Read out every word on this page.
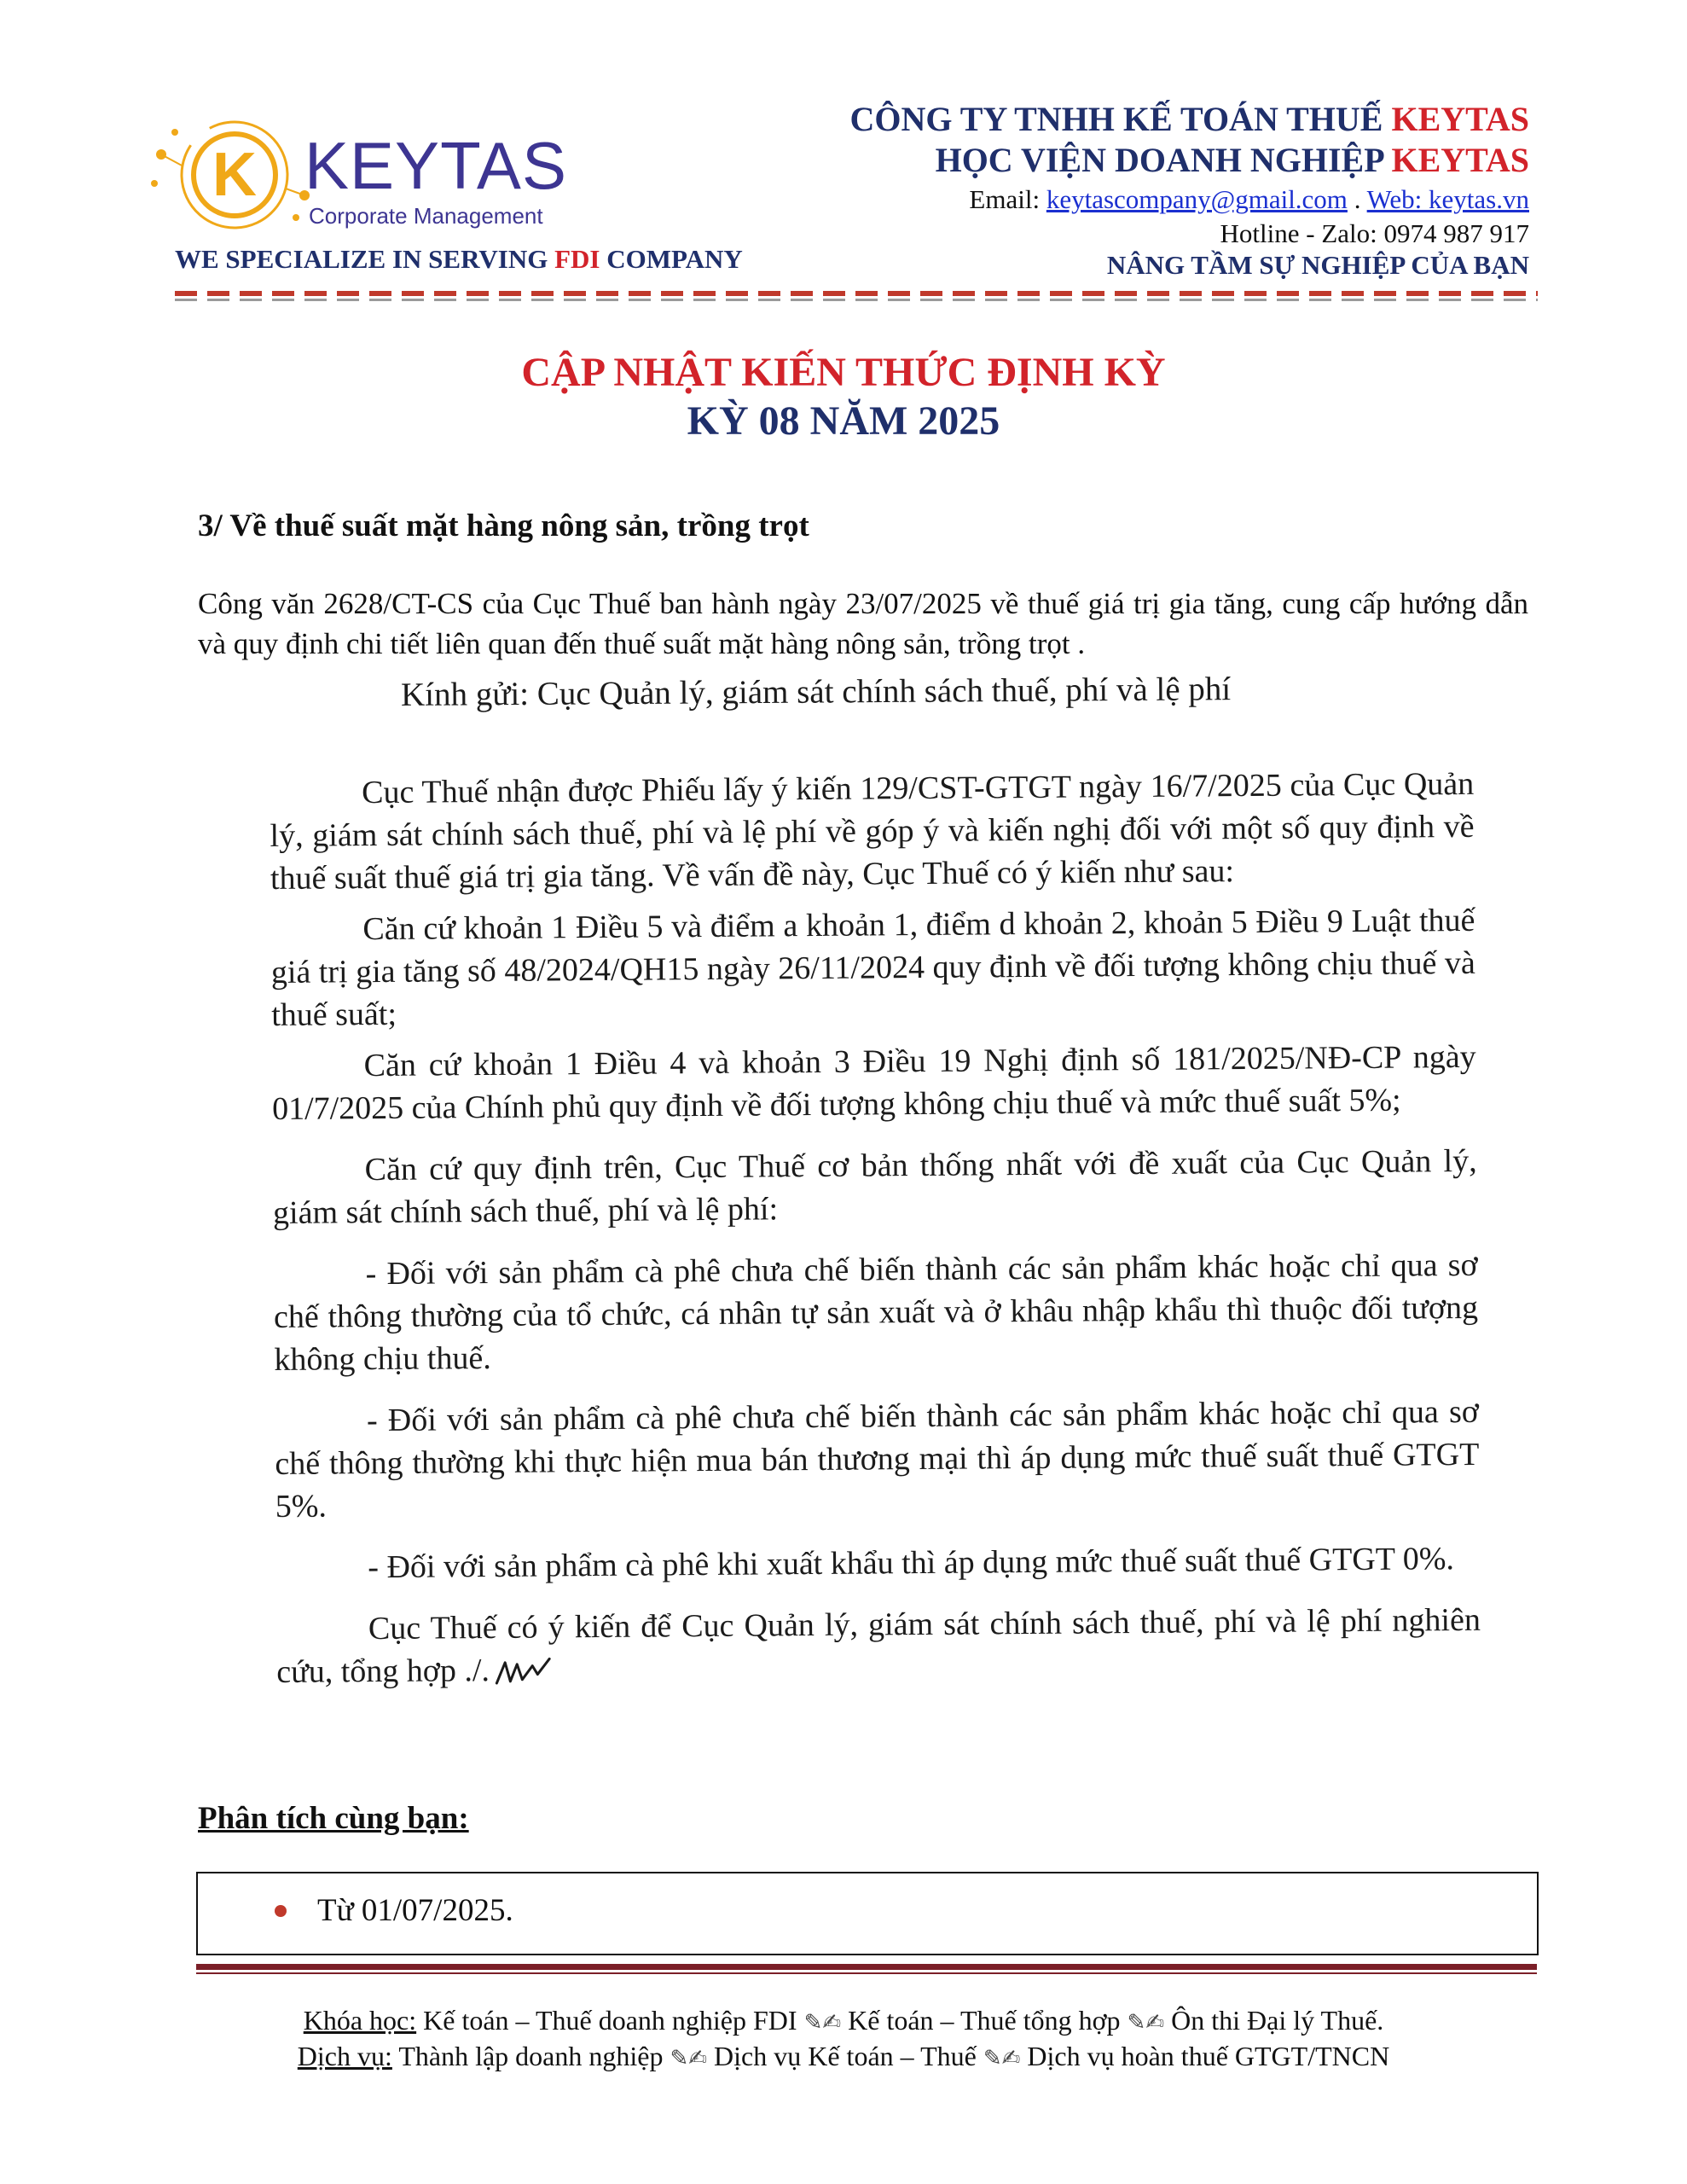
K KEYTAS
Corporate Management
WE SPECIALIZE IN SERVING FDI COMPANY
CÔNG TY TNHH KẾ TOÁN THUẾ KEYTAS
HỌC VIỆN DOANH NGHIỆP KEYTAS
Email: keytascompany@gmail.com . Web: keytas.vn
Hotline - Zalo: 0974 987 917
NÂNG TẦM SỰ NGHIỆP CỦA BẠN
CẬP NHẬT KIẾN THỨC ĐỊNH KỲ
KỲ 08 NĂM 2025
3/ Về thuế suất mặt hàng nông sản, trồng trọt
Công văn 2628/CT-CS của Cục Thuế ban hành ngày 23/07/2025 về thuế giá trị gia tăng, cung cấp hướng dẫn và quy định chi tiết liên quan đến thuế suất mặt hàng nông sản, trồng trọt .
Kính gửi: Cục Quản lý, giám sát chính sách thuế, phí và lệ phí

Cục Thuế nhận được Phiếu lấy ý kiến 129/CST-GTGT ngày 16/7/2025 của Cục Quản lý, giám sát chính sách thuế, phí và lệ phí về góp ý và kiến nghị đối với một số quy định về thuế suất thuế giá trị gia tăng. Về vấn đề này, Cục Thuế có ý kiến như sau:

Căn cứ khoản 1 Điều 5 và điểm a khoản 1, điểm d khoản 2, khoản 5 Điều 9 Luật thuế giá trị gia tăng số 48/2024/QH15 ngày 26/11/2024 quy định về đối tượng không chịu thuế và thuế suất;

Căn cứ khoản 1 Điều 4 và khoản 3 Điều 19 Nghị định số 181/2025/NĐ-CP ngày 01/7/2025 của Chính phủ quy định về đối tượng không chịu thuế và mức thuế suất 5%;

Căn cứ quy định trên, Cục Thuế cơ bản thống nhất với đề xuất của Cục Quản lý, giám sát chính sách thuế, phí và lệ phí:

- Đối với sản phẩm cà phê chưa chế biến thành các sản phẩm khác hoặc chỉ qua sơ chế thông thường của tổ chức, cá nhân tự sản xuất và ở khâu nhập khẩu thì thuộc đối tượng không chịu thuế.

- Đối với sản phẩm cà phê chưa chế biến thành các sản phẩm khác hoặc chỉ qua sơ chế thông thường khi thực hiện mua bán thương mại thì áp dụng mức thuế suất thuế GTGT 5%.

- Đối với sản phẩm cà phê khi xuất khẩu thì áp dụng mức thuế suất thuế GTGT 0%.

Cục Thuế có ý kiến để Cục Quản lý, giám sát chính sách thuế, phí và lệ phí nghiên cứu, tổng hợp ./.

Phân tích cùng bạn:
Từ 01/07/2025.
Khóa học: Kế toán – Thuế doanh nghiệp FDI ✎✍ Kế toán – Thuế tổng hợp ✎✍ Ôn thi Đại lý Thuế.
Dịch vụ: Thành lập doanh nghiệp ✎✍ Dịch vụ Kế toán – Thuế ✎✍ Dịch vụ hoàn thuế GTGT/TNCN
